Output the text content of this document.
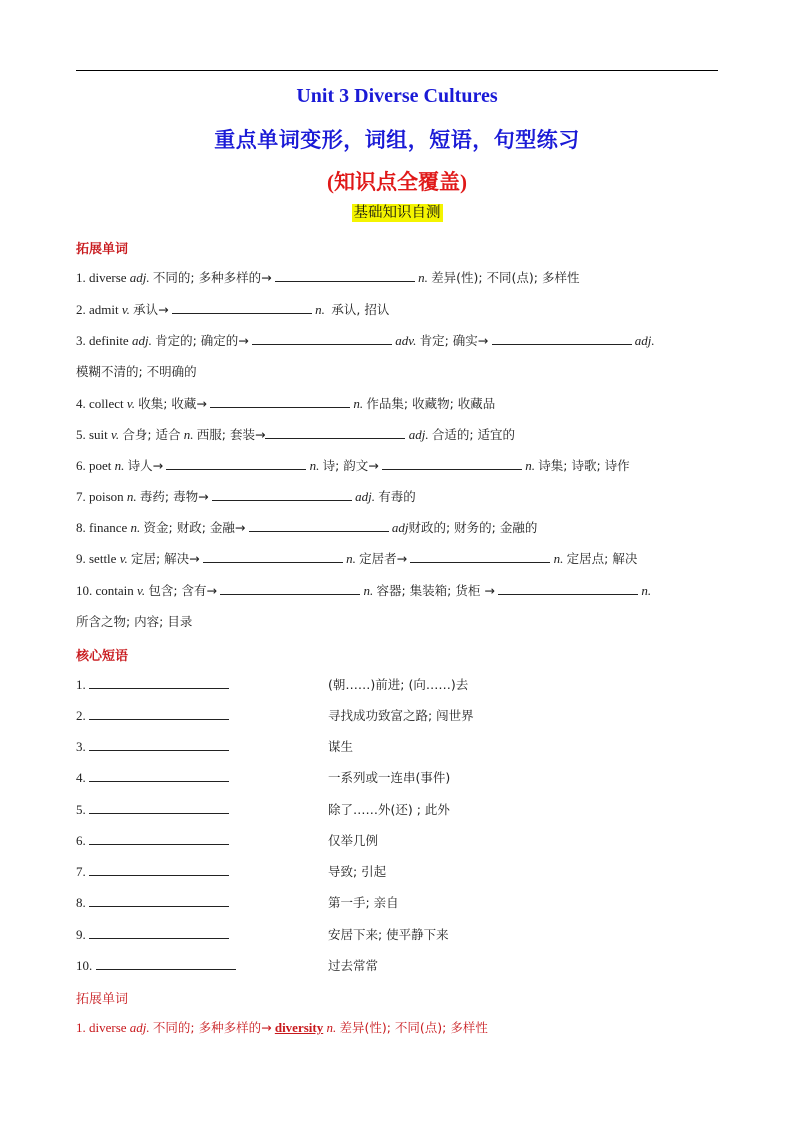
Unit 3 Diverse Cultures
重点单词变形，词组，短语，句型练习
(知识点全覆盖)
基础知识自测
拓展单词
1. diverse adj. 不同的; 多种多样的→	n. 差异(性); 不同(点); 多样性
2. admit v. 承认→	n. 承认, 招认
3. definite adj. 肯定的; 确定的→	adv. 肯定; 确实→	adj.
模糊不清的; 不明确的
4. collect v. 收集; 收藏→	n. 作品集; 收藏物; 收藏品
5. suit v. 合身; 适合 n. 西服; 套装→	adj. 合适的; 适宜的
6. poet n. 诗人→	n. 诗; 韵文→	n. 诗集; 诗歌; 诗作
7. poison n. 毒药; 毒物→	adj. 有毒的
8. finance n. 资金; 财政; 金融→	adj财政的; 财务的; 金融的
9. settle v. 定居; 解决→	n. 定居者→	n. 定居点; 解决
10. contain v. 包含; 含有→	n. 容器; 集装箱; 货柜 →	n.
所含之物; 内容; 目录
核心短语
1.	(朝……)前进; (向……)去
2.	寻找成功致富之路; 闯世界
3.	谋生
4.	一系列或一连串(事件)
5.	除了……外(还) ; 此外
6.	仅举几例
7.	导致; 引起
8.	第一手; 亲自
9.	安居下来; 使平静下来
10.	过去常常
拓展单词
1. diverse adj. 不同的; 多种多样的→ diversity n. 差异(性); 不同(点); 多样性
